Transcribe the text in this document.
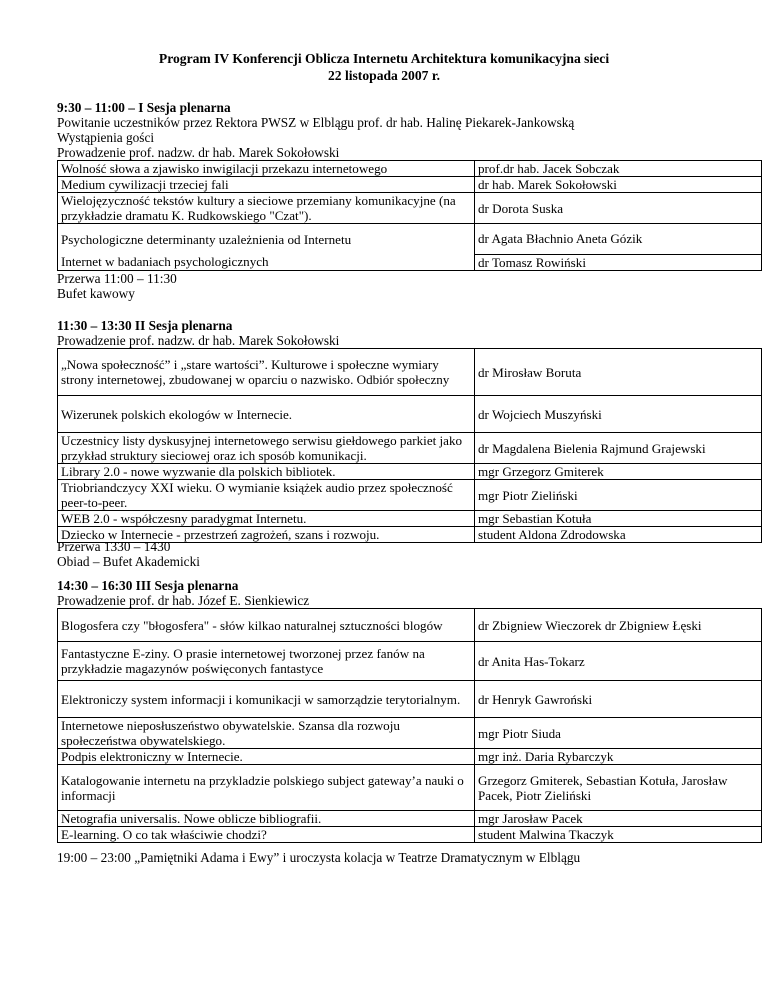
Program IV Konferencji Oblicza Internetu Architektura komunikacyjna sieci
22 listopada 2007 r.
9:30 – 11:00 – I Sesja plenarna
Powitanie uczestników przez Rektora PWSZ w Elblągu prof. dr hab. Halinę Piekarek-Jankowską
Wystąpienia gości
Prowadzenie prof. nadzw. dr hab. Marek Sokołowski
Wolność słowa a zjawisko inwigilacji przekazu internetowego	prof.dr hab. Jacek Sobczak
Medium cywilizacji trzeciej fali	dr hab. Marek Sokołowski
Wielojęzyczność tekstów kultury a sieciowe przemiany komunikacyjne (na przykładzie dramatu K. Rudkowskiego "Czat").	dr Dorota Suska
Psychologiczne determinanty uzależnienia od Internetu	dr Agata Błachnio Aneta Gózik
Internet w badaniach psychologicznych	dr Tomasz Rowiński
Przerwa 11:00 – 11:30
Bufet kawowy
11:30 – 13:30 II Sesja plenarna
Prowadzenie prof. nadzw. dr hab. Marek Sokołowski
„Nowa społeczność” i „stare wartości”. Kulturowe i społeczne wymiary strony internetowej, zbudowanej w oparciu o nazwisko. Odbiór społeczny	dr Mirosław Boruta
Wizerunek polskich ekologów w Internecie.	dr Wojciech Muszyński
Uczestnicy listy dyskusyjnej internetowego serwisu giełdowego parkiet jako przykład struktury sieciowej oraz ich sposób komunikacji.	dr Magdalena Bielenia Rajmund Grajewski
Library 2.0 - nowe wyzwanie dla polskich bibliotek.	mgr Grzegorz Gmiterek
Triobriandczycy XXI wieku. O wymianie książek audio przez społeczność peer-to-peer.	mgr Piotr Zieliński
WEB 2.0 - współczesny paradygmat Internetu.	mgr Sebastian Kotuła
Dziecko w Internecie - przestrzeń zagrożeń, szans i rozwoju.	student Aldona Zdrodowska
Przerwa 1330 – 1430
Obiad – Bufet Akademicki
14:30 – 16:30 III Sesja plenarna
Prowadzenie prof. dr hab. Józef E. Sienkiewicz
Blogosfera czy "błogosfera" - słów kilkao naturalnej sztuczności blogów	dr Zbigniew Wieczorek dr Zbigniew Łęski
Fantastyczne E-ziny. O prasie internetowej tworzonej przez fanów na przykładzie magazynów poświęconych fantastyce	dr Anita Has-Tokarz
Elektroniczy system informacji i komunikacji w samorządzie terytorialnym.	dr Henryk Gawroński
Internetowe nieposłuszeństwo obywatelskie. Szansa dla rozwoju społeczeństwa obywatelskiego.	mgr Piotr Siuda
Podpis elektroniczny w Internecie.	mgr inż. Daria Rybarczyk
Katalogowanie internetu na przykladzie polskiego subject gateway’a nauki o informacji	Grzegorz Gmiterek, Sebastian Kotuła, Jarosław Pacek, Piotr Zieliński
Netografia universalis. Nowe oblicze bibliografii.	mgr Jarosław Pacek
E-learning. O co tak właściwie chodzi?	student Malwina Tkaczyk
19:00 – 23:00 „Pamiętniki Adama i Ewy” i uroczysta kolacja w Teatrze Dramatycznym w Elblągu
